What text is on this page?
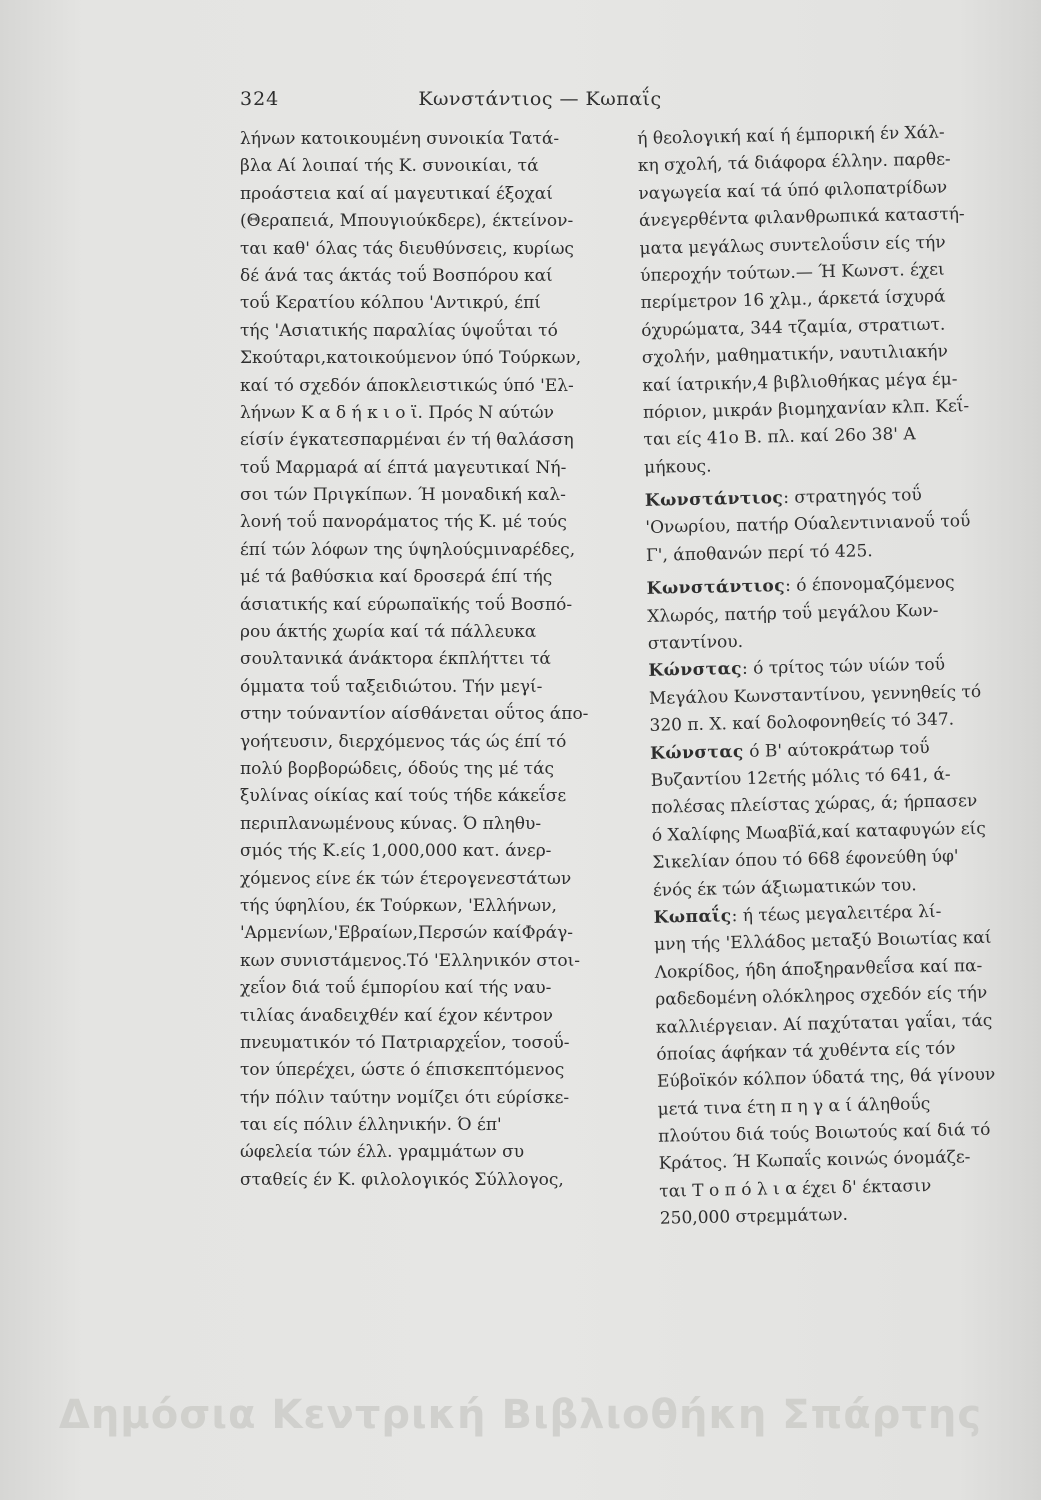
324	Κωνστάντιος — Κωπαΐς
λήνων κατοικουμένη συνοικία Τατά-
βλα Αί λοιπαί τής Κ. συνοικίαι, τά
προάστεια καί αί μαγευτικαί έξοχαί
(Θεραπειά, Μπουγιούκδερε), έκτείνον-
ται καθ' όλας τάς διευθύνσεις, κυρίως
δέ άνά τας άκτάς τοΰ Βοσπόρου καί
τοΰ Κερατίου κόλπου 'Αντικρύ, έπί
τής 'Ασιατικής παραλίας ύψοΰται τό
Σκούταρι,κατοικούμενον ύπό Τούρκων,
καί τό σχεδόν άποκλειστικώς ύπό 'Ελ-
λήνων Κ α δ ή κ ι ο ϊ. Πρός Ν αύτών
είσίν έγκατεσπαρμέναι έν τή θαλάσση
τοΰ Μαρμαρά αί έπτά μαγευτικαί Νή-
σοι τών Πριγκίπων. Ή μοναδική καλ-
λονή τοΰ πανοράματος τής Κ. μέ τούς
έπί τών λόφων της ύψηλούςμιναρέδες,
μέ τά βαθύσκια καί δροσερά έπί τής
άσιατικής καί εύρωπαϊκής τοΰ Βοσπό-
ρου άκτής χωρία καί τά πάλλευκα
σουλτανικά άνάκτορα έκπλήττει τά
όμματα τοΰ ταξειδιώτου. Τήν μεγί-
στην τούναντίον αίσθάνεται οΰτος άπο-
γοήτευσιν, διερχόμενος τάς ώς έπί τό
πολύ βορβορώδεις, όδούς της μέ τάς
ξυλίνας οίκίας καί τούς τήδε κάκεΐσε
περιπλανωμένους κύνας. Ό πληθυ-
σμός τής Κ.είς 1,000,000 κατ. άνερ-
χόμενος είνε έκ τών έτερογενεστάτων
τής ύφηλίου, έκ Τούρκων, 'Ελλήνων,
'Αρμενίων,'Εβραίων,Περσών καίΦράγ-
κων συνιστάμενος.Τό 'Ελληνικόν στοι-
χεΐον διά τοΰ έμπορίου καί τής ναυ-
τιλίας άναδειχθέν καί έχον κέντρον
πνευματικόν τό Πατριαρχεΐον, τοσοΰ-
τον ύπερέχει, ώστε ό έπισκεπτόμενος
τήν πόλιν ταύτην νομίζει ότι εύρίσκε-
ται είς πόλιν έλληνικήν. Ό έπ'
ώφελεία τών έλλ. γραμμάτων συ
σταθείς έν Κ. φιλολογικός Σύλλογος,
ή θεολογική καί ή έμπορική έν Χάλ-
κη σχολή, τά διάφορα έλλην. παρθε-
ναγωγεία καί τά ύπό φιλοπατρίδων
άνεγερθέντα φιλανθρωπικά καταστή-
ματα μεγάλως συντελοΰσιν είς τήν
ύπεροχήν τούτων.— Ή Κωνστ. έχει
περίμετρον 16 χλμ., άρκετά ίσχυρά
όχυρώματα, 344 τζαμία, στρατιωτ.
σχολήν, μαθηματικήν, ναυτιλιακήν
καί ίατρικήν,4 βιβλιοθήκας μέγα έμ-
πόριον, μικράν βιομηχανίαν κλπ. Κεΐ-
ται είς 41ο Β. πλ. καί 26ο 38' Α
μήκους.
Κωνστάντιος: στρατηγός τοΰ
'Ονωρίου, πατήρ Ούαλεντινιανοΰ τοΰ
Γ', άποθανών περί τό 425.
Κωνστάντιος: ό έπονομαζόμενος
Χλωρός, πατήρ τοΰ μεγάλου Κων-
σταντίνου.
Κώνστας: ό τρίτος τών υίών τοΰ
Μεγάλου Κωνσταντίνου, γεννηθείς τό
320 π. Χ. καί δολοφονηθείς τό 347.
Κώνστας ό Β' αύτοκράτωρ τοΰ
Βυζαντίου 12ετής μόλις τό 641, ά-
πολέσας πλείστας χώρας, ά; ήρπασεν
ό Χαλίφης Μωαβϊά,καί καταφυγών είς
Σικελίαν όπου τό 668 έφονεύθη ύφ'
ένός έκ τών άξιωματικών του.
Κωπαΐς: ή τέως μεγαλειτέρα λί-
μνη τής 'Ελλάδος μεταξύ Βοιωτίας καί
Λοκρίδος, ήδη άποξηρανθεΐσα καί πα-
ραδεδομένη ολόκληρος σχεδόν είς τήν
καλλιέργειαν. Αί παχύταται γαΐαι, τάς
όποίας άφήκαν τά χυθέντα είς τόν
Εύβοϊκόν κόλπον ύδατά της, θά γίνουν
μετά τινα έτη π η γ α ί άληθοΰς
πλούτου διά τούς Βοιωτούς καί διά τό
Κράτος. Ή Κωπαΐς κοινώς όνομάζε-
ται Τ ο π ό λ ι α έχει δ' έκτασιν
250,000 στρεμμάτων.
Δημόσια Κεντρική Βιβλιοθήκη Σπάρτης
